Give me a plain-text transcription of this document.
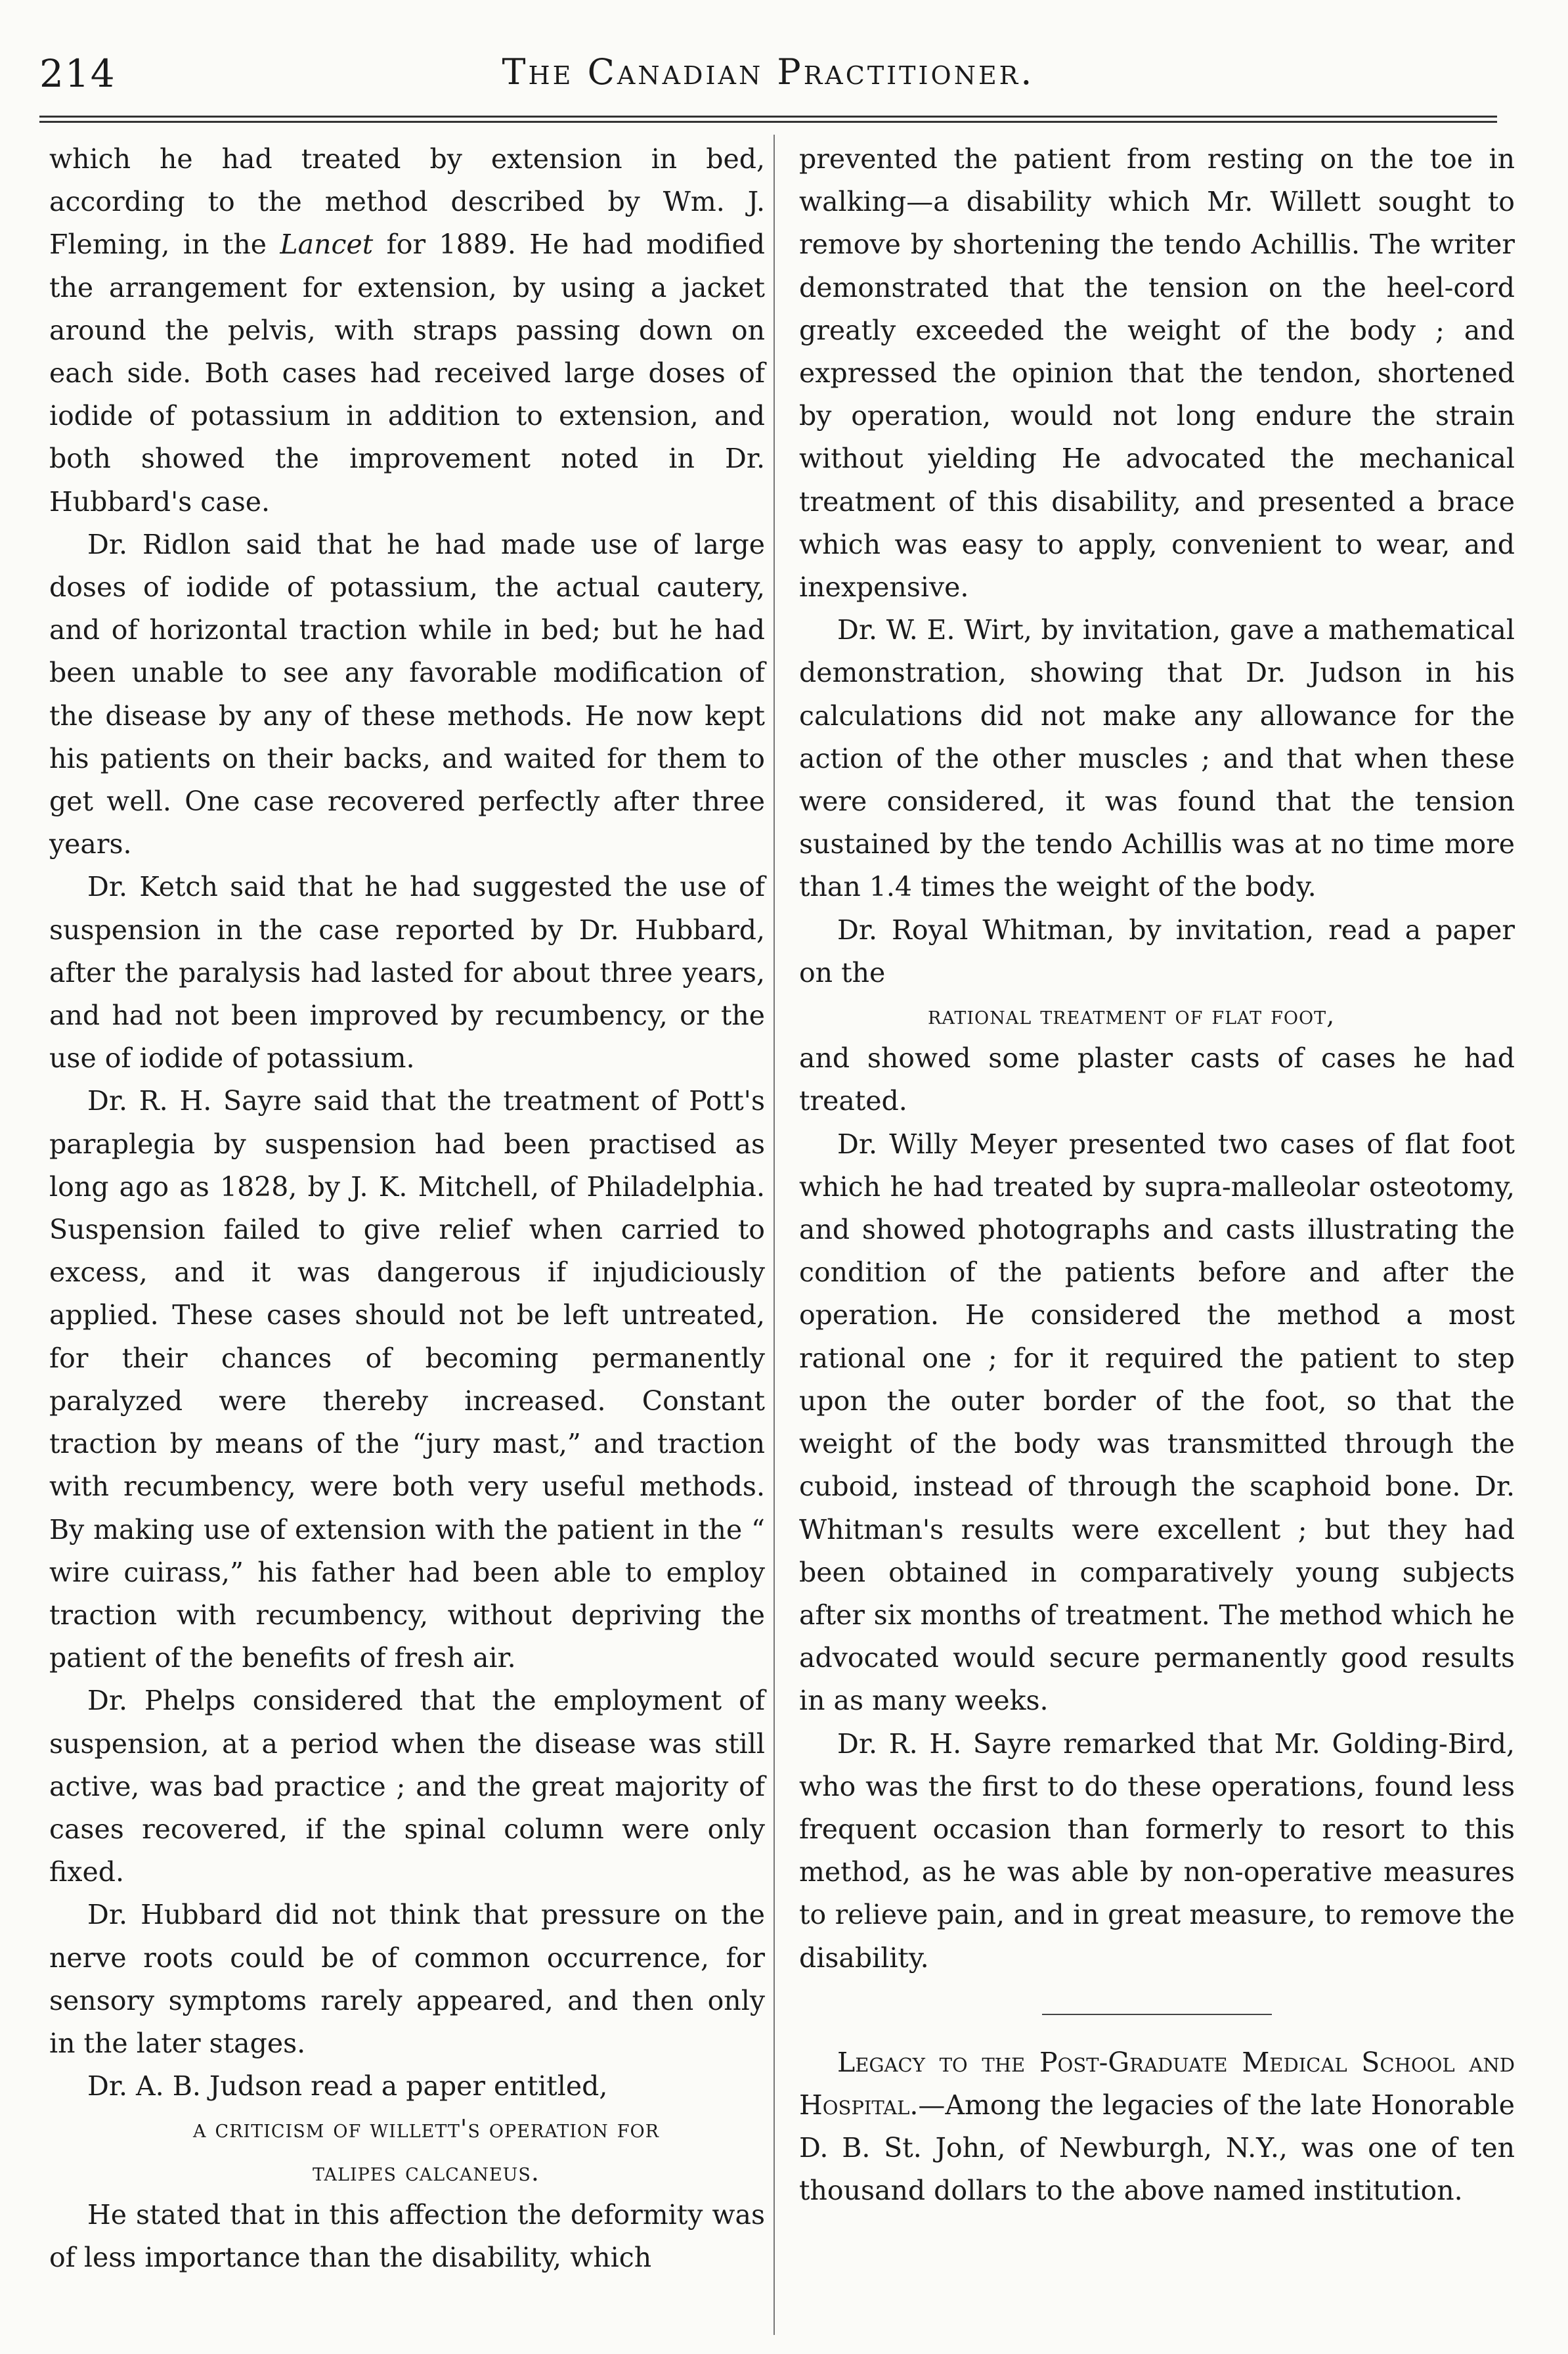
214	The Canadian Practitioner.

which he had treated by extension in bed, according to the method described by Wm. J. Fleming, in the Lancet for 1889. He had modified the arrangement for extension, by using a jacket around the pelvis, with straps passing down on each side. Both cases had received large doses of iodide of potassium in addition to extension, and both showed the improvement noted in Dr. Hubbard's case.

Dr. Ridlon said that he had made use of large doses of iodide of potassium, the actual cautery, and of horizontal traction while in bed; but he had been unable to see any favorable modification of the disease by any of these methods. He now kept his patients on their backs, and waited for them to get well. One case recovered perfectly after three years.

Dr. Ketch said that he had suggested the use of suspension in the case reported by Dr. Hubbard, after the paralysis had lasted for about three years, and had not been improved by recumbency, or the use of iodide of potassium.

Dr. R. H. Sayre said that the treatment of Pott's paraplegia by suspension had been practised as long ago as 1828, by J. K. Mitchell, of Philadelphia. Suspension failed to give relief when carried to excess, and it was dangerous if injudiciously applied. These cases should not be left untreated, for their chances of becoming permanently paralyzed were thereby increased. Constant traction by means of the “jury mast,” and traction with recumbency, were both very useful methods. By making use of extension with the patient in the “ wire cuirass,” his father had been able to employ traction with recumbency, without depriving the patient of the benefits of fresh air.

Dr. Phelps considered that the employment of suspension, at a period when the disease was still active, was bad practice ; and the great majority of cases recovered, if the spinal column were only fixed.

Dr. Hubbard did not think that pressure on the nerve roots could be of common occurrence, for sensory symptoms rarely appeared, and then only in the later stages.

Dr. A. B. Judson read a paper entitled,

a criticism of willett's operation for

talipes calcaneus.

He stated that in this affection the deformity was of less importance than the disability, which

prevented the patient from resting on the toe in walking—a disability which Mr. Willett sought to remove by shortening the tendo Achillis. The writer demonstrated that the tension on the heel-cord greatly exceeded the weight of the body ; and expressed the opinion that the tendon, shortened by operation, would not long endure the strain without yielding He advocated the mechanical treatment of this disability, and presented a brace which was easy to apply, convenient to wear, and inexpensive.

Dr. W. E. Wirt, by invitation, gave a mathematical demonstration, showing that Dr. Judson in his calculations did not make any allowance for the action of the other muscles ; and that when these were considered, it was found that the tension sustained by the tendo Achillis was at no time more than 1.4 times the weight of the body.

Dr. Royal Whitman, by invitation, read a paper on the

rational treatment of flat foot,

and showed some plaster casts of cases he had treated.

Dr. Willy Meyer presented two cases of flat foot which he had treated by supra-malleolar osteotomy, and showed photographs and casts illustrating the condition of the patients before and after the operation. He considered the method a most rational one ; for it required the patient to step upon the outer border of the foot, so that the weight of the body was transmitted through the cuboid, instead of through the scaphoid bone. Dr. Whitman's results were excellent ; but they had been obtained in comparatively young subjects after six months of treatment. The method which he advocated would secure permanently good results in as many weeks.

Dr. R. H. Sayre remarked that Mr. Golding-Bird, who was the first to do these operations, found less frequent occasion than formerly to resort to this method, as he was able by non-operative measures to relieve pain, and in great measure, to remove the disability.

Legacy to the Post-Graduate Medical School and Hospital.—Among the legacies of the late Honorable D. B. St. John, of Newburgh, N.Y., was one of ten thousand dollars to the above named institution.
